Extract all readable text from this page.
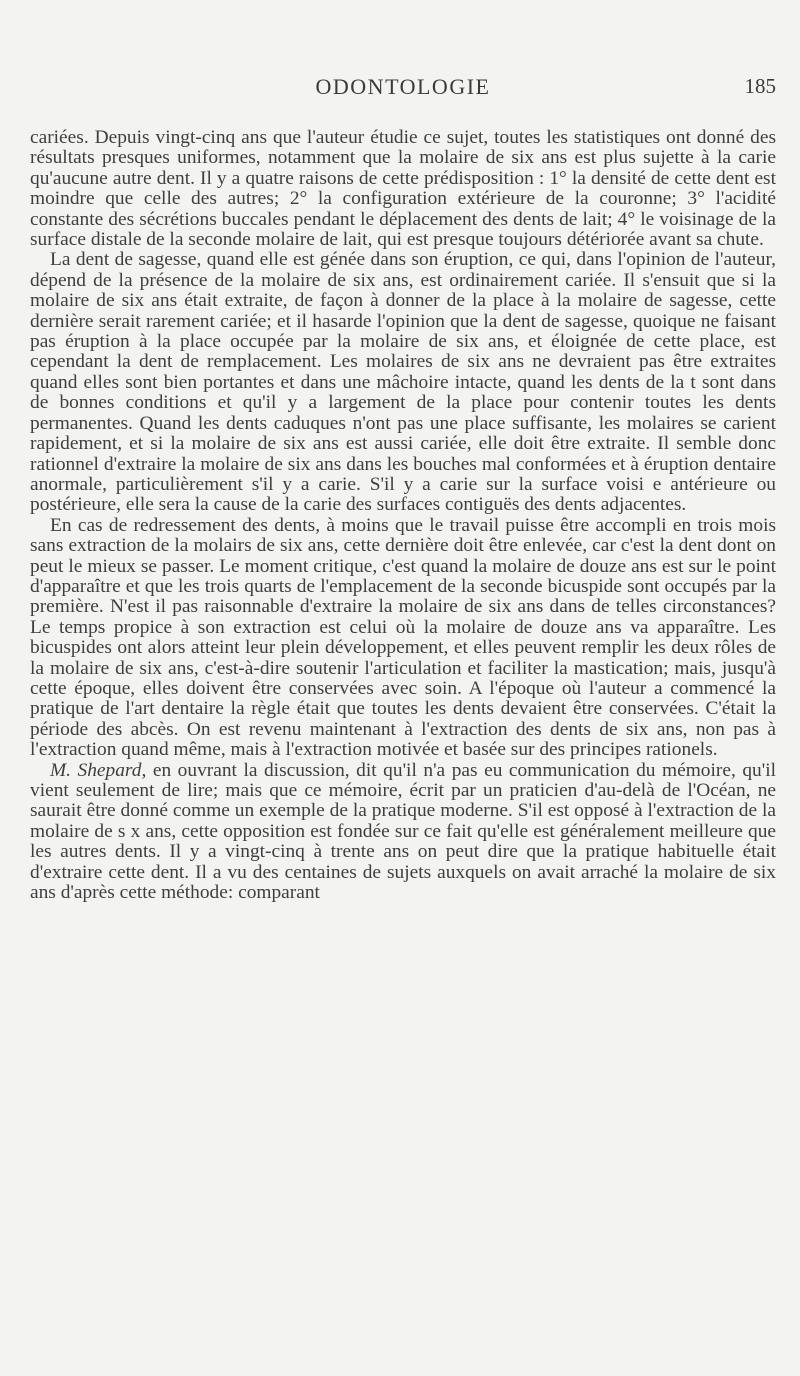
ODONTOLOGIE	185

cariées. Depuis vingt-cinq ans que l'auteur étudie ce sujet, toutes les statistiques ont donné des résultats presques uniformes, notamment que la molaire de six ans est plus sujette à la carie qu'aucune autre dent. Il y a quatre raisons de cette prédisposition : 1° la densité de cette dent est moindre que celle des autres; 2° la configuration extérieure de la couronne; 3° l'acidité constante des sécrétions buccales pendant le déplacement des dents de lait; 4° le voisinage de la surface distale de la seconde molaire de lait, qui est presque toujours détériorée avant sa chute.

La dent de sagesse, quand elle est génée dans son éruption, ce qui, dans l'opinion de l'auteur, dépend de la présence de la molaire de six ans, est ordinairement cariée. Il s'ensuit que si la molaire de six ans était extraite, de façon à donner de la place à la molaire de sagesse, cette dernière serait rarement cariée; et il hasarde l'opinion que la dent de sagesse, quoique ne faisant pas éruption à la place occupée par la molaire de six ans, et éloignée de cette place, est cependant la dent de remplacement. Les molaires de six ans ne devraient pas être extraites quand elles sont bien portantes et dans une mâchoire intacte, quand les dents de la t sont dans de bonnes conditions et qu'il y a largement de la place pour contenir toutes les dents permanentes. Quand les dents caduques n'ont pas une place suffisante, les molaires se carient rapidement, et si la molaire de six ans est aussi cariée, elle doit être extraite. Il semble donc rationnel d'extraire la molaire de six ans dans les bouches mal conformées et à éruption dentaire anormale, particulièrement s'il y a carie. S'il y a carie sur la surface voisi e antérieure ou postérieure, elle sera la cause de la carie des surfaces contiguës des dents adjacentes.

En cas de redressement des dents, à moins que le travail puisse être accompli en trois mois sans extraction de la molairs de six ans, cette dernière doit être enlevée, car c'est la dent dont on peut le mieux se passer. Le moment critique, c'est quand la molaire de douze ans est sur le point d'apparaître et que les trois quarts de l'emplacement de la seconde bicuspide sont occupés par la première. N'est il pas raisonnable d'extraire la molaire de six ans dans de telles circonstances? Le temps propice à son extraction est celui où la molaire de douze ans va apparaître. Les bicuspides ont alors atteint leur plein développement, et elles peuvent remplir les deux rôles de la molaire de six ans, c'est-à-dire soutenir l'articulation et faciliter la mastication; mais, jusqu'à cette époque, elles doivent être conservées avec soin. A l'époque où l'auteur a commencé la pratique de l'art dentaire la règle était que toutes les dents devaient être conservées. C'était la période des abcès. On est revenu maintenant à l'extraction des dents de six ans, non pas à l'extraction quand même, mais à l'extraction motivée et basée sur des principes rationels.

M. Shepard, en ouvrant la discussion, dit qu'il n'a pas eu communication du mémoire, qu'il vient seulement de lire; mais que ce mémoire, écrit par un praticien d'au-delà de l'Océan, ne saurait être donné comme un exemple de la pratique moderne. S'il est opposé à l'extraction de la molaire de s x ans, cette opposition est fondée sur ce fait qu'elle est généralement meilleure que les autres dents. Il y a vingt-cinq à trente ans on peut dire que la pratique habituelle était d'extraire cette dent. Il a vu des centaines de sujets auxquels on avait arraché la molaire de six ans d'après cette méthode: comparant
